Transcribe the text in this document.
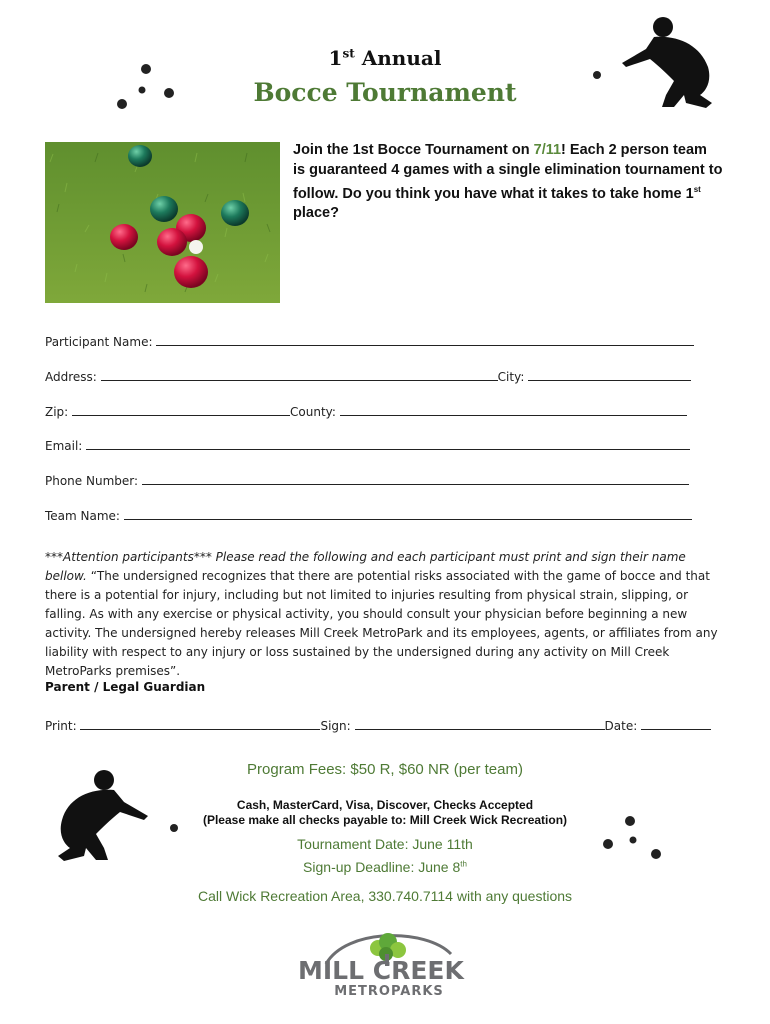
1st Annual
Bocce Tournament
Join the 1st Bocce Tournament on 7/11! Each 2 person team is guaranteed 4 games with a single elimination tournament to follow. Do you think you have what it takes to take home 1st place?
Participant Name:
Address:	City:
Zip:	County:
Email:
Phone Number:
Team Name:
***Attention participants*** Please read the following and each participant must print and sign their name bellow. “The undersigned recognizes that there are potential risks associated with the game of bocce and that there is a potential for injury, including but not limited to injuries resulting from physical strain, slipping, or falling. As with any exercise or physical activity, you should consult your physician before beginning a new activity. The undersigned hereby releases Mill Creek MetroPark and its employees, agents, or affiliates from any liability with respect to any injury or loss sustained by the undersigned during any activity on Mill Creek MetroParks premises”.
Parent / Legal Guardian
Print:	Sign:	Date:
Program Fees: $50 R, $60 NR (per team)
Cash, MasterCard, Visa, Discover, Checks Accepted
(Please make all checks payable to: Mill Creek Wick Recreation)
Tournament Date: June 11th
Sign-up Deadline: June 8th
Call Wick Recreation Area, 330.740.7114 with any questions
MILL CREEK
METROPARKS
